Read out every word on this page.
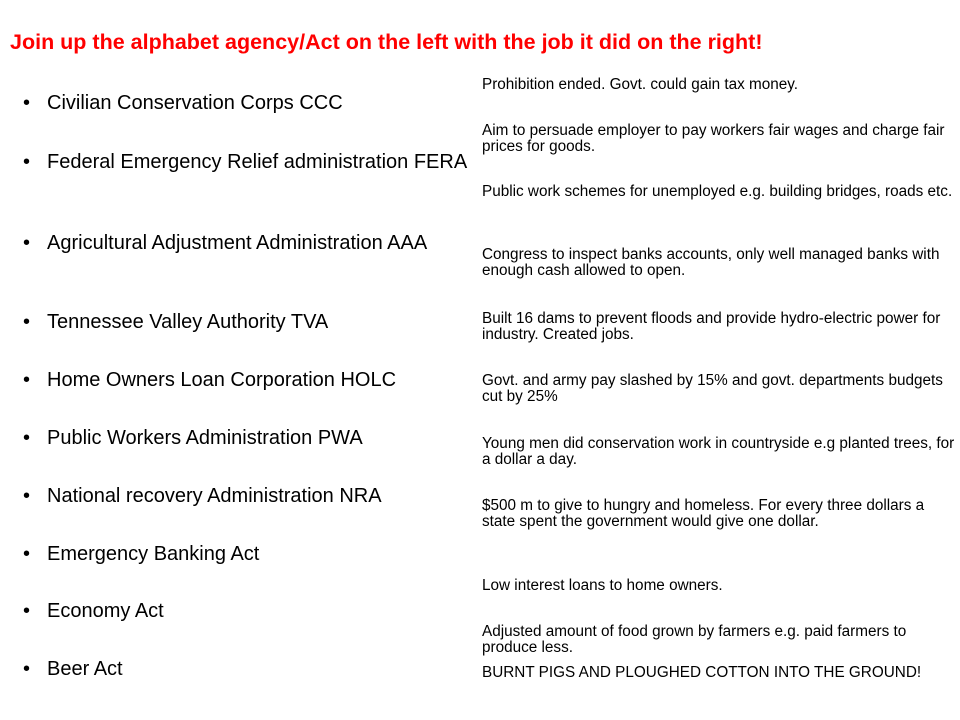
Join up the alphabet agency/Act on the left with the job it did on the right!
• Civilian Conservation Corps CCC
• Federal Emergency Relief administration FERA
• Agricultural Adjustment Administration AAA
• Tennessee Valley Authority TVA
• Home Owners Loan Corporation HOLC
• Public Workers Administration PWA
• National recovery Administration NRA
• Emergency Banking Act
• Economy Act
• Beer Act
Prohibition ended. Govt. could gain tax money.
Aim to persuade employer to pay workers fair wages and charge fair prices for goods.
Public work schemes for unemployed e.g. building bridges, roads etc.
Congress to inspect banks accounts, only well managed banks with enough cash allowed to open.
Built 16 dams to prevent floods and provide hydro-electric power for industry. Created jobs.
Govt. and army pay slashed by 15% and govt. departments budgets cut by 25%
Young men did conservation work in countryside e.g planted trees, for a dollar a day.
$500 m to give to hungry and homeless. For every three dollars a state spent the government would give one dollar.
Low interest loans to home owners.
Adjusted amount of food grown by farmers e.g. paid farmers to produce less.
BURNT PIGS AND PLOUGHED COTTON INTO THE GROUND!
